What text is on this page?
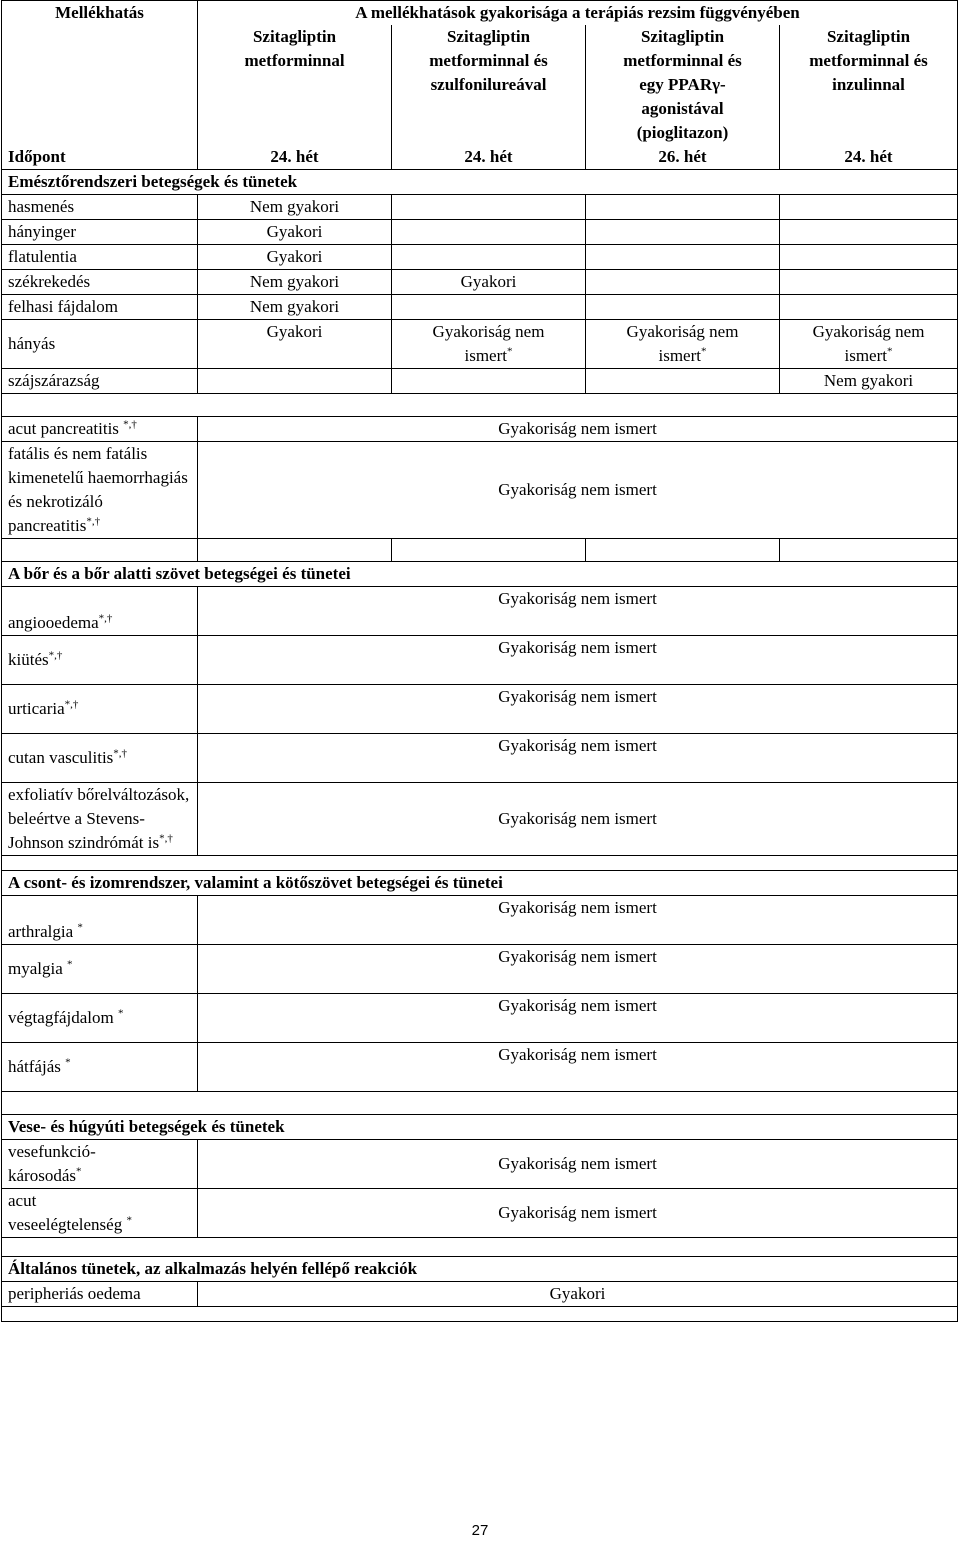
Mellékhatás	A mellékhatások gyakorisága a terápiás rezsim függvényében			
	Szitagliptin metforminnal	Szitagliptin metforminnal és szulfonilureával	Szitagliptin metforminnal és egy PPARγ-agonistával (pioglitazon)	Szitagliptin metforminnal és inzulinnal
Időpont	24. hét	24. hét	26. hét	24. hét
Emésztőrendszeri betegségek és tünetek				
hasmenés	Nem gyakori			
hányinger	Gyakori			
flatulentia	Gyakori			
székrekedés	Nem gyakori	Gyakori		
felhasi fájdalom	Nem gyakori			
hányás	Gyakori	Gyakoriság nem ismert*	Gyakoriság nem ismert*	Gyakoriság nem ismert*
szájszárazság				Nem gyakori

acut pancreatitis *,†	Gyakoriság nem ismert			
fatális és nem fatális kimenetelű haemorrhagiás és nekrotizáló pancreatitis*,†	Gyakoriság nem ismert			

A bőr és a bőr alatti szövet betegségei és tünetei				
angiooedema*,†	Gyakoriság nem ismert			
kiütés*,†	Gyakoriság nem ismert			
urticaria*,†	Gyakoriság nem ismert			
cutan vasculitis*,†	Gyakoriság nem ismert			
exfoliatív bőrelváltozások, beleértve a Stevens-Johnson szindrómát is*,†	Gyakoriság nem ismert			

A csont- és izomrendszer, valamint a kötőszövet betegségei és tünetei				
arthralgia *	Gyakoriság nem ismert			
myalgia *	Gyakoriság nem ismert			
végtagfájdalom *	Gyakoriság nem ismert			
hátfájás *	Gyakoriság nem ismert			

Vese- és húgyúti betegségek és tünetek				
vesefunkció-károsodás*	Gyakoriság nem ismert			
acut veseelégtelenség *	Gyakoriság nem ismert			

Általános tünetek, az alkalmazás helyén fellépő reakciók				
peripheriás oedema	Gyakori			

27
